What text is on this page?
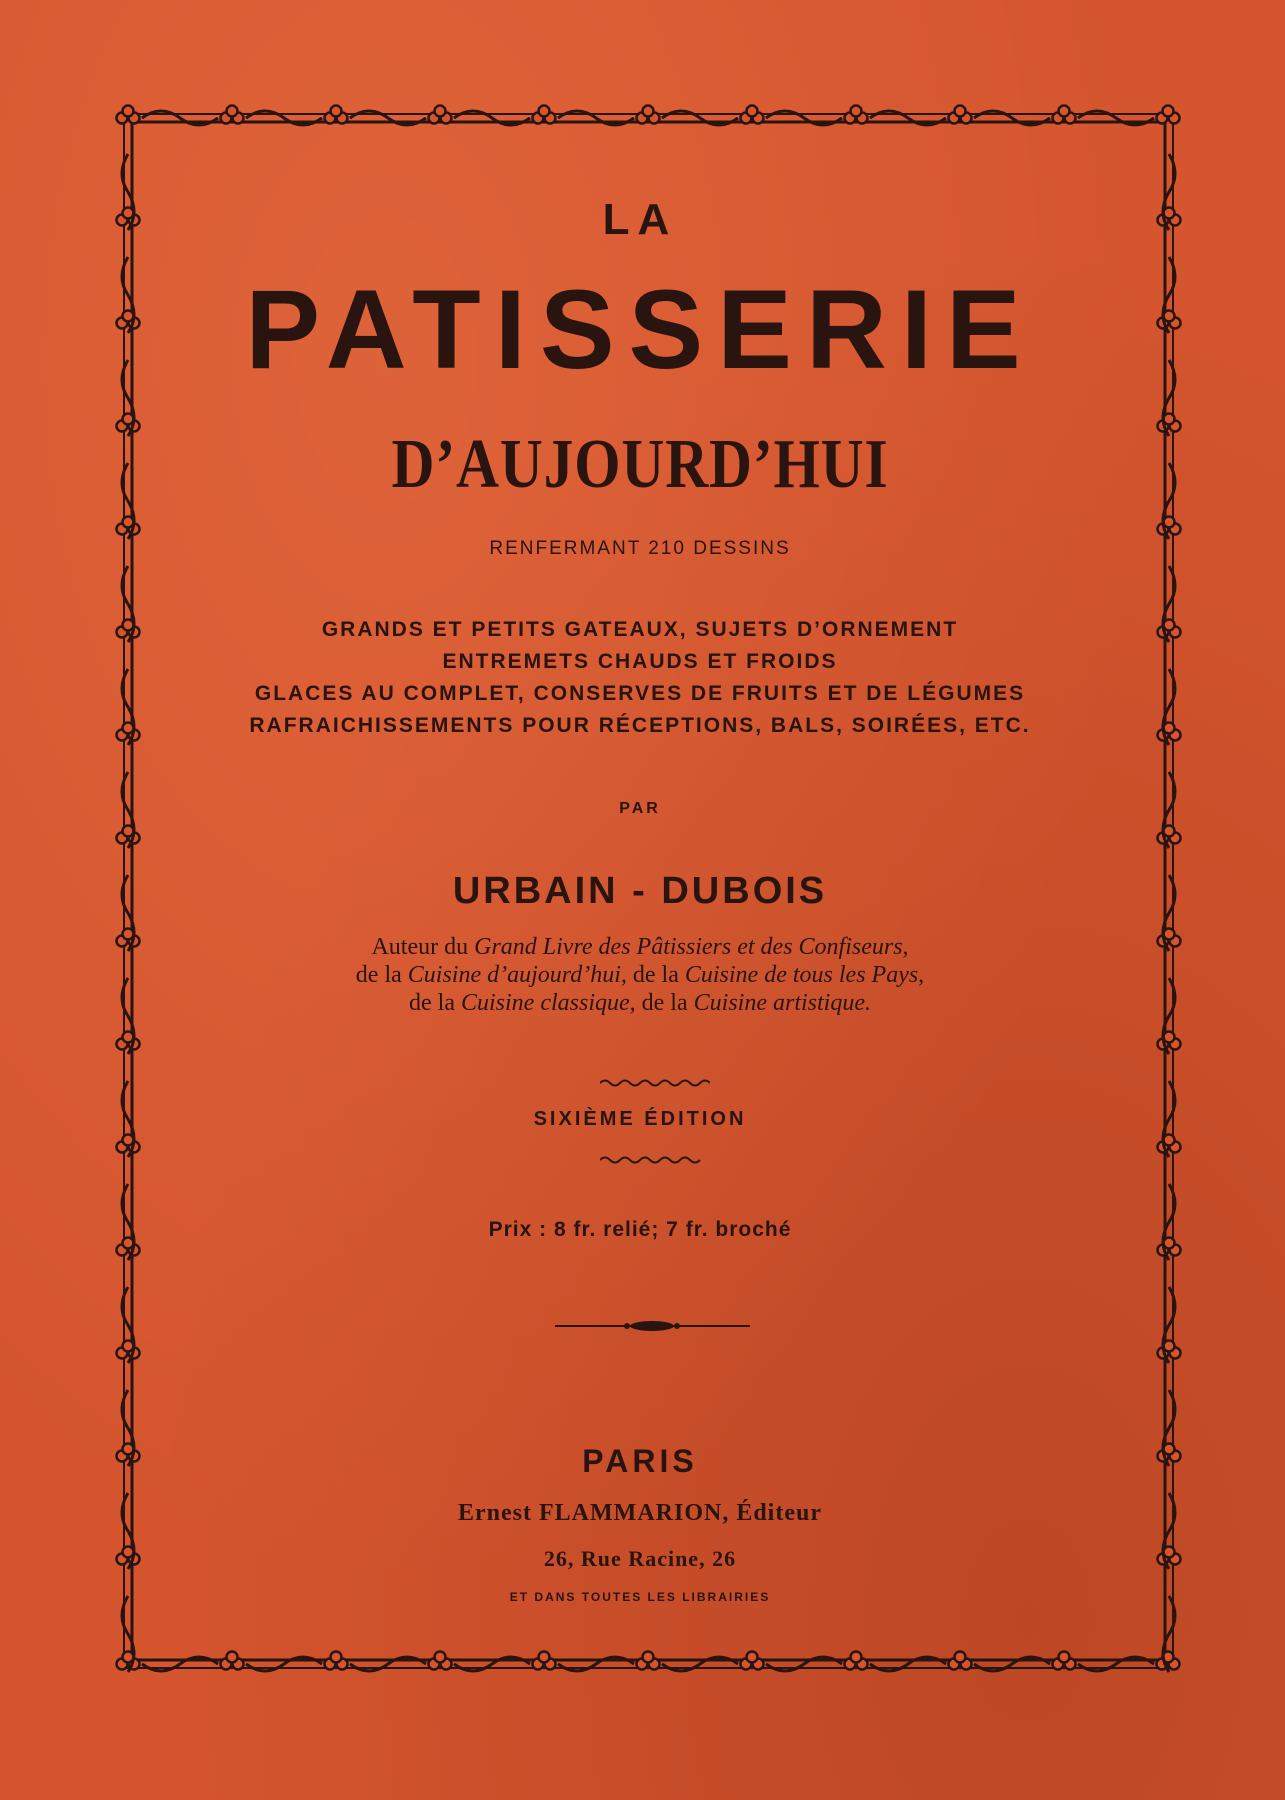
LA
PATISSERIE
D’AUJOURD’HUI
RENFERMANT 210 DESSINS
GRANDS ET PETITS GATEAUX, SUJETS D’ORNEMENT
ENTREMETS CHAUDS ET FROIDS
GLACES AU COMPLET, CONSERVES DE FRUITS ET DE LÉGUMES
RAFRAICHISSEMENTS POUR RÉCEPTIONS, BALS, SOIRÉES, ETC.
PAR
URBAIN - DUBOIS
Auteur du Grand Livre des Pâtissiers et des Confiseurs,
de la Cuisine d’aujourd’hui, de la Cuisine de tous les Pays,
de la Cuisine classique, de la Cuisine artistique.
SIXIÈME ÉDITION
Prix : 8 fr. relié; 7 fr. broché
PARIS
Ernest FLAMMARION, Éditeur
26, Rue Racine, 26
ET DANS TOUTES LES LIBRAIRIES
